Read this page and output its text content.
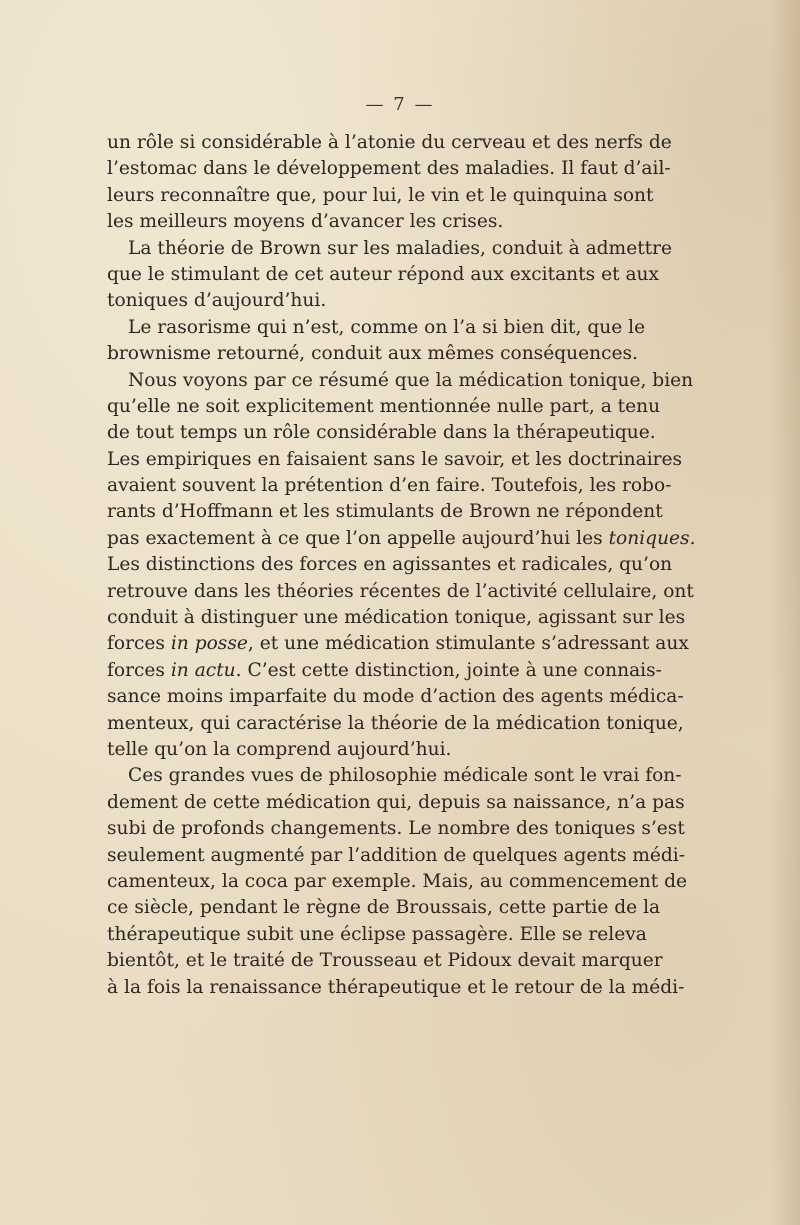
— 7 —
un rôle si considérable à l’atonie du cerveau et des nerfs de
l’estomac dans le développement des maladies. Il faut d’ail-
leurs reconnaître que, pour lui, le vin et le quinquina sont
les meilleurs moyens d’avancer les crises.
La théorie de Brown sur les maladies, conduit à admettre
que le stimulant de cet auteur répond aux excitants et aux
toniques d’aujourd’hui.
Le rasorisme qui n’est, comme on l’a si bien dit, que le
brownisme retourné, conduit aux mêmes conséquences.
Nous voyons par ce résumé que la médication tonique, bien
qu’elle ne soit explicitement mentionnée nulle part, a tenu
de tout temps un rôle considérable dans la thérapeutique.
Les empiriques en faisaient sans le savoir, et les doctrinaires
avaient souvent la prétention d’en faire. Toutefois, les robo-
rants d’Hoffmann et les stimulants de Brown ne répondent
pas exactement à ce que l’on appelle aujourd’hui les toniques.
Les distinctions des forces en agissantes et radicales, qu’on
retrouve dans les théories récentes de l’activité cellulaire, ont
conduit à distinguer une médication tonique, agissant sur les
forces in posse, et une médication stimulante s’adressant aux
forces in actu. C’est cette distinction, jointe à une connais-
sance moins imparfaite du mode d’action des agents médica-
menteux, qui caractérise la théorie de la médication tonique,
telle qu’on la comprend aujourd’hui.
Ces grandes vues de philosophie médicale sont le vrai fon-
dement de cette médication qui, depuis sa naissance, n’a pas
subi de profonds changements. Le nombre des toniques s’est
seulement augmenté par l’addition de quelques agents médi-
camenteux, la coca par exemple. Mais, au commencement de
ce siècle, pendant le règne de Broussais, cette partie de la
thérapeutique subit une éclipse passagère. Elle se releva
bientôt, et le traité de Trousseau et Pidoux devait marquer
à la fois la renaissance thérapeutique et le retour de la médi-
